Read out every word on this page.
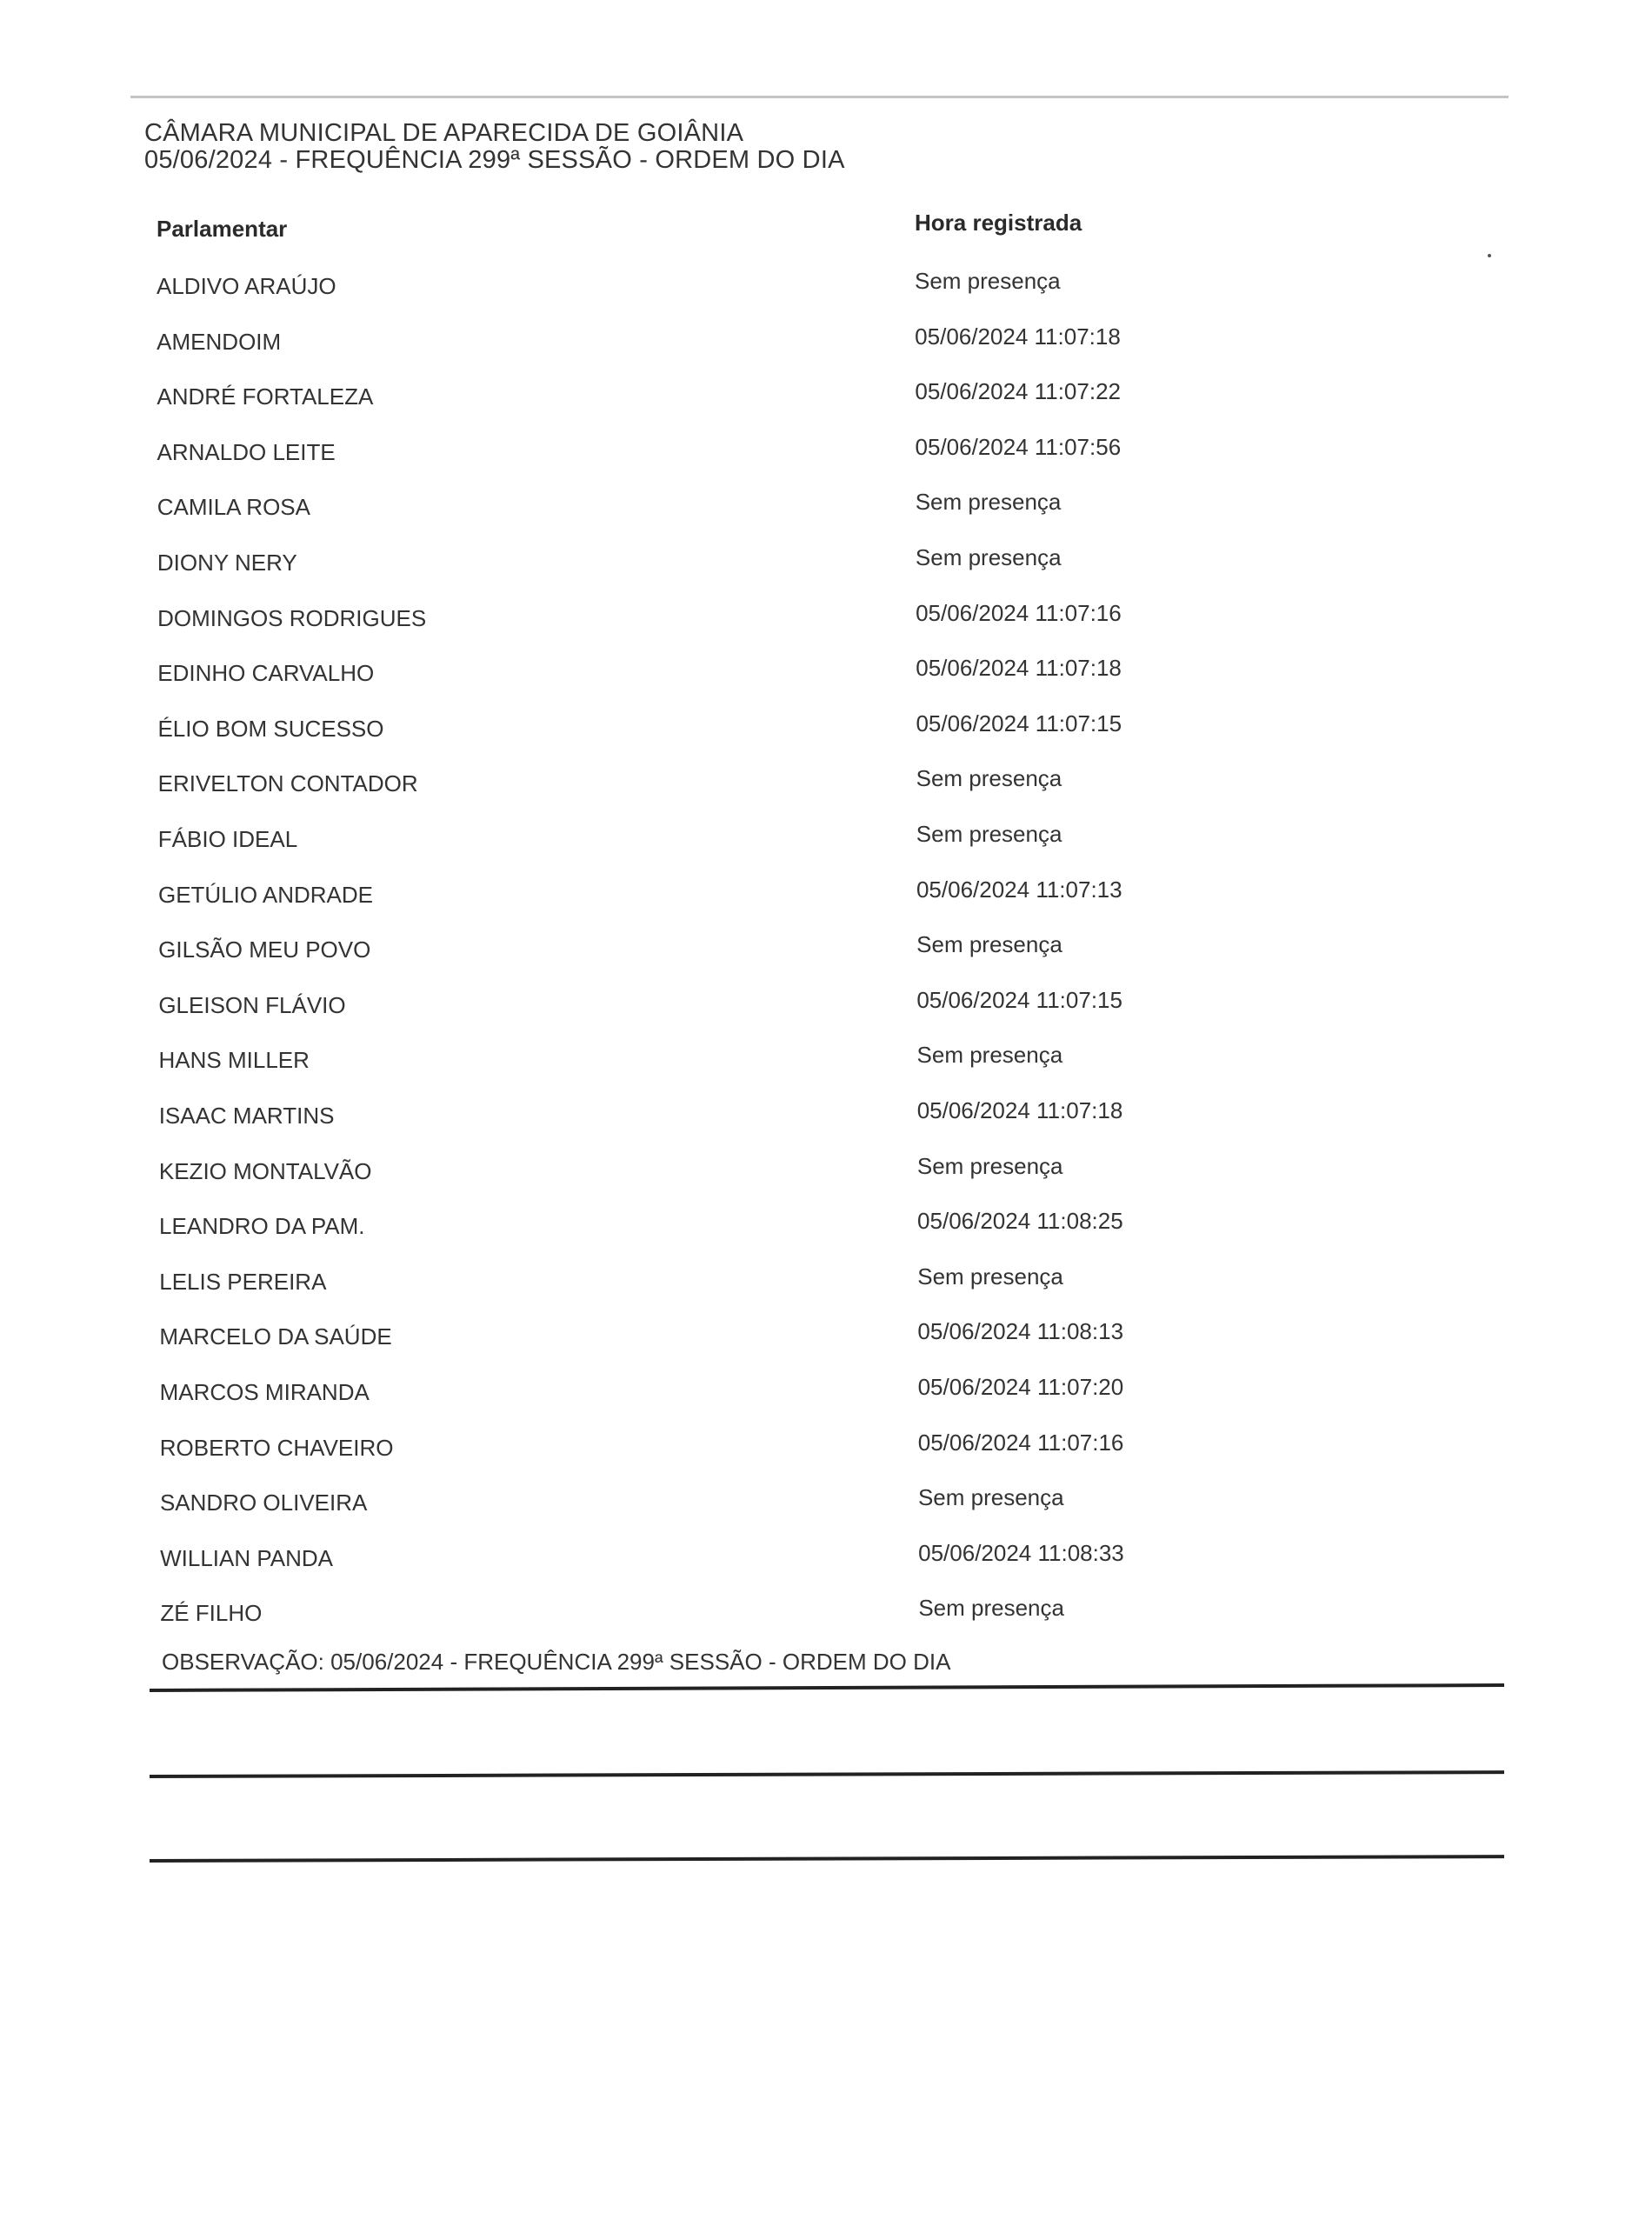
CÂMARA MUNICIPAL DE APARECIDA DE GOIÂNIA
05/06/2024 - FREQUÊNCIA 299ª SESSÃO - ORDEM DO DIA
Parlamentar	Hora registrada
ALDIVO ARAÚJO	Sem presença
AMENDOIM	05/06/2024 11:07:18
ANDRÉ FORTALEZA	05/06/2024 11:07:22
ARNALDO LEITE	05/06/2024 11:07:56
CAMILA ROSA	Sem presença
DIONY NERY	Sem presença
DOMINGOS RODRIGUES	05/06/2024 11:07:16
EDINHO CARVALHO	05/06/2024 11:07:18
ÉLIO BOM SUCESSO	05/06/2024 11:07:15
ERIVELTON CONTADOR	Sem presença
FÁBIO IDEAL	Sem presença
GETÚLIO ANDRADE	05/06/2024 11:07:13
GILSÃO MEU POVO	Sem presença
GLEISON FLÁVIO	05/06/2024 11:07:15
HANS MILLER	Sem presença
ISAAC MARTINS	05/06/2024 11:07:18
KEZIO MONTALVÃO	Sem presença
LEANDRO DA PAM.	05/06/2024 11:08:25
LELIS PEREIRA	Sem presença
MARCELO DA SAÚDE	05/06/2024 11:08:13
MARCOS MIRANDA	05/06/2024 11:07:20
ROBERTO CHAVEIRO	05/06/2024 11:07:16
SANDRO OLIVEIRA	Sem presença
WILLIAN PANDA	05/06/2024 11:08:33
ZÉ FILHO	Sem presença
OBSERVAÇÃO: 05/06/2024 - FREQUÊNCIA 299ª SESSÃO - ORDEM DO DIA
